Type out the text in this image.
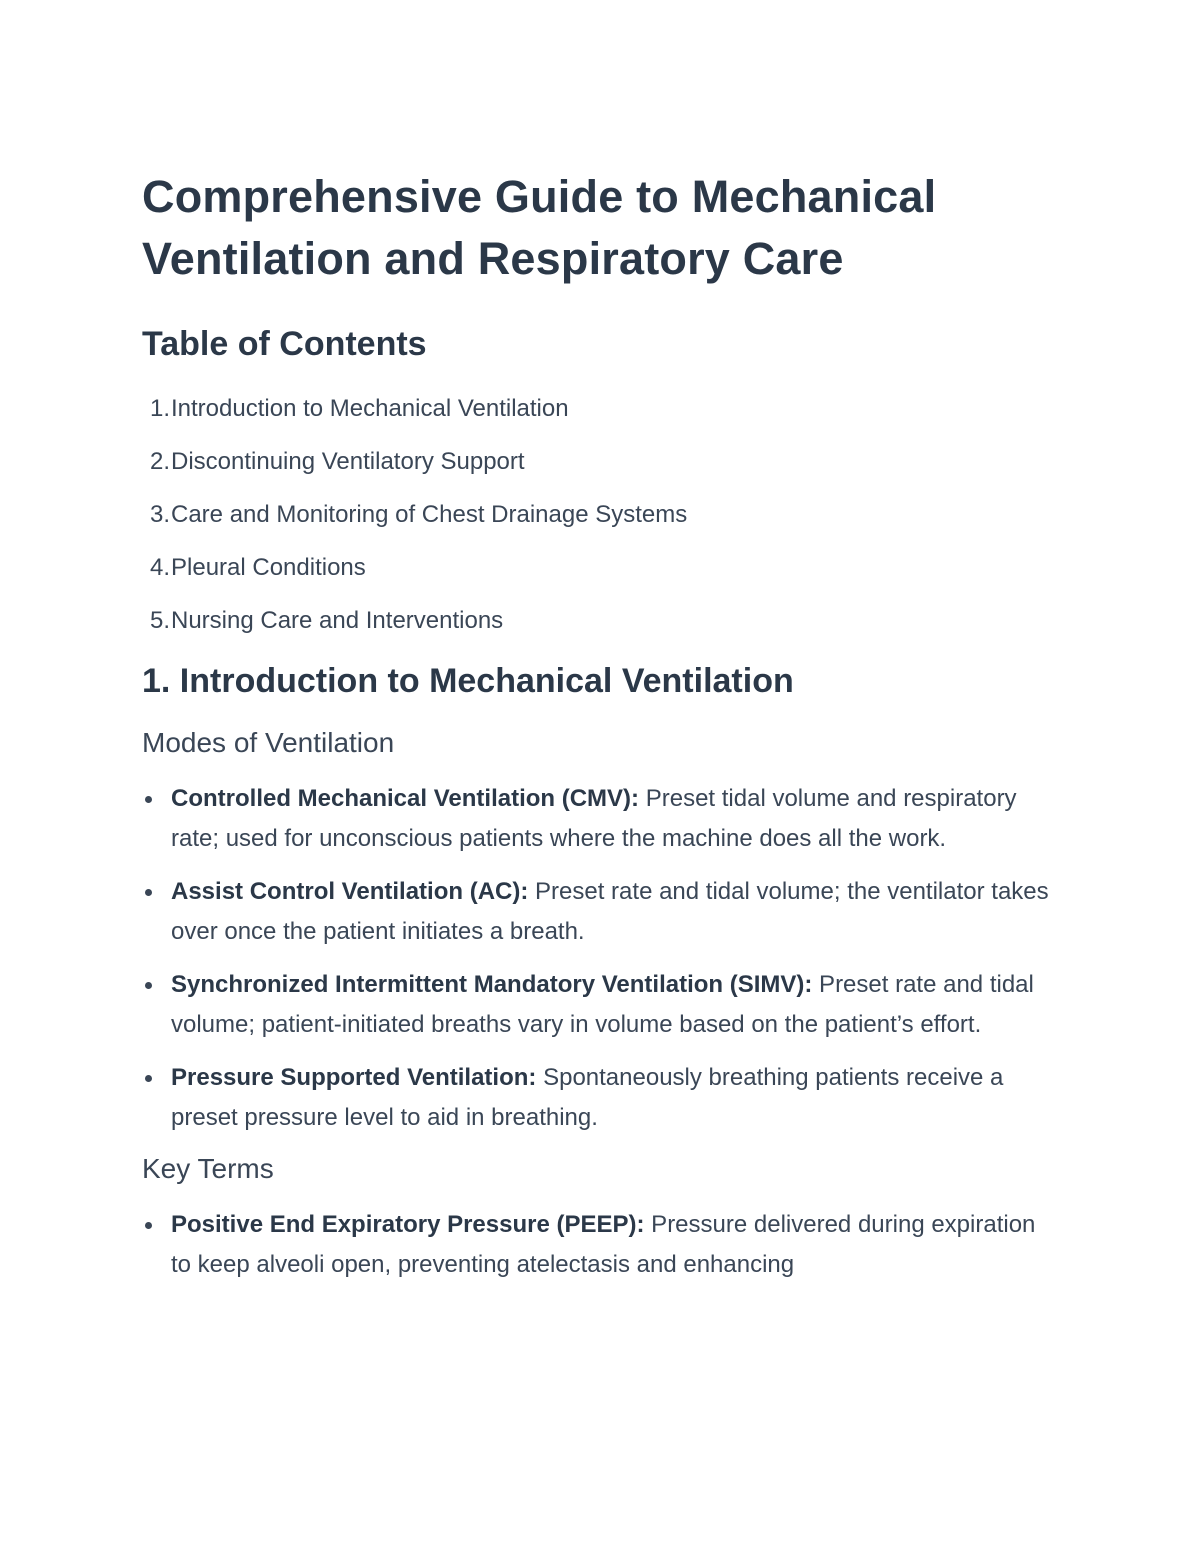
Comprehensive Guide to Mechanical Ventilation and Respiratory Care
Table of Contents
1. Introduction to Mechanical Ventilation
2. Discontinuing Ventilatory Support
3. Care and Monitoring of Chest Drainage Systems
4. Pleural Conditions
5. Nursing Care and Interventions
1. Introduction to Mechanical Ventilation
Modes of Ventilation
Controlled Mechanical Ventilation (CMV): Preset tidal volume and respiratory rate; used for unconscious patients where the machine does all the work.
Assist Control Ventilation (AC): Preset rate and tidal volume; the ventilator takes over once the patient initiates a breath.
Synchronized Intermittent Mandatory Ventilation (SIMV): Preset rate and tidal volume; patient-initiated breaths vary in volume based on the patient’s effort.
Pressure Supported Ventilation: Spontaneously breathing patients receive a preset pressure level to aid in breathing.
Key Terms
Positive End Expiratory Pressure (PEEP): Pressure delivered during expiration to keep alveoli open, preventing atelectasis and enhancing
